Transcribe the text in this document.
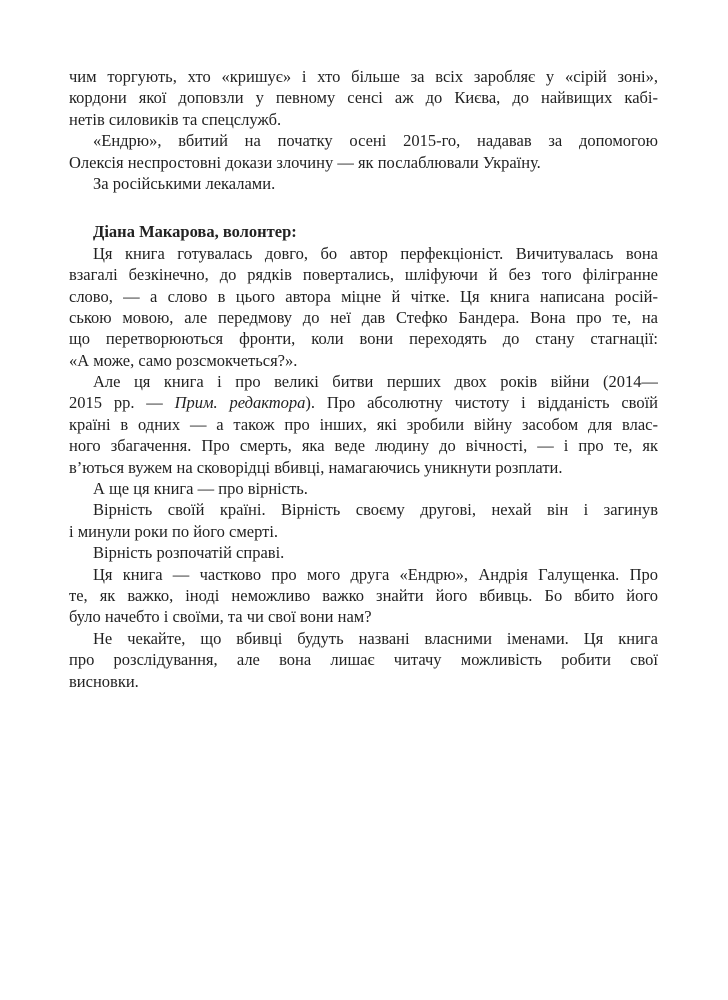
чим торгують, хто «кришує» і хто більше за всіх заробляє у «сірій зоні»,
кордони якої доповзли у певному сенсі аж до Києва, до найвищих кабі-
нетів силовиків та спецслужб.

«Ендрю», вбитий на початку осені 2015-го, надавав за допомогою
Олексія неспростовні докази злочину — як послаблювали Україну.

За російськими лекалами.

Діана Макарова, волонтер:

Ця книга готувалась довго, бо автор перфекціоніст. Вичитувалась вона
взагалі безкінечно, до рядків повертались, шліфуючи й без того філігранне
слово, — а слово в цього автора міцне й чітке. Ця книга написана росій-
ською мовою, але передмову до неї дав Стефко Бандера. Вона про те, на
що перетворюються фронти, коли вони переходять до стану стагнації:
«А може, само розсмокчеться?».

Але ця книга і про великі битви перших двох років війни (2014—
2015 рр. — Прим. редактора). Про абсолютну чистоту і відданість своїй
країні в одних — а також про інших, які зробили війну засобом для влас-
ного збагачення. Про смерть, яка веде людину до вічності, — і про те, як
в’ються вужем на сковорідці вбивці, намагаючись уникнути розплати.

А ще ця книга — про вірність.

Вірність своїй країні. Вірність своєму другові, нехай він і загинув
і минули роки по його смерті.

Вірність розпочатій справі.

Ця книга — частково про мого друга «Ендрю», Андрія Галущенка. Про
те, як важко, іноді неможливо важко знайти його вбивць. Бо вбито його
було начебто і своїми, та чи свої вони нам?

Не чекайте, що вбивці будуть названі власними іменами. Ця книга
про розслідування, але вона лишає читачу можливість робити свої
висновки.
